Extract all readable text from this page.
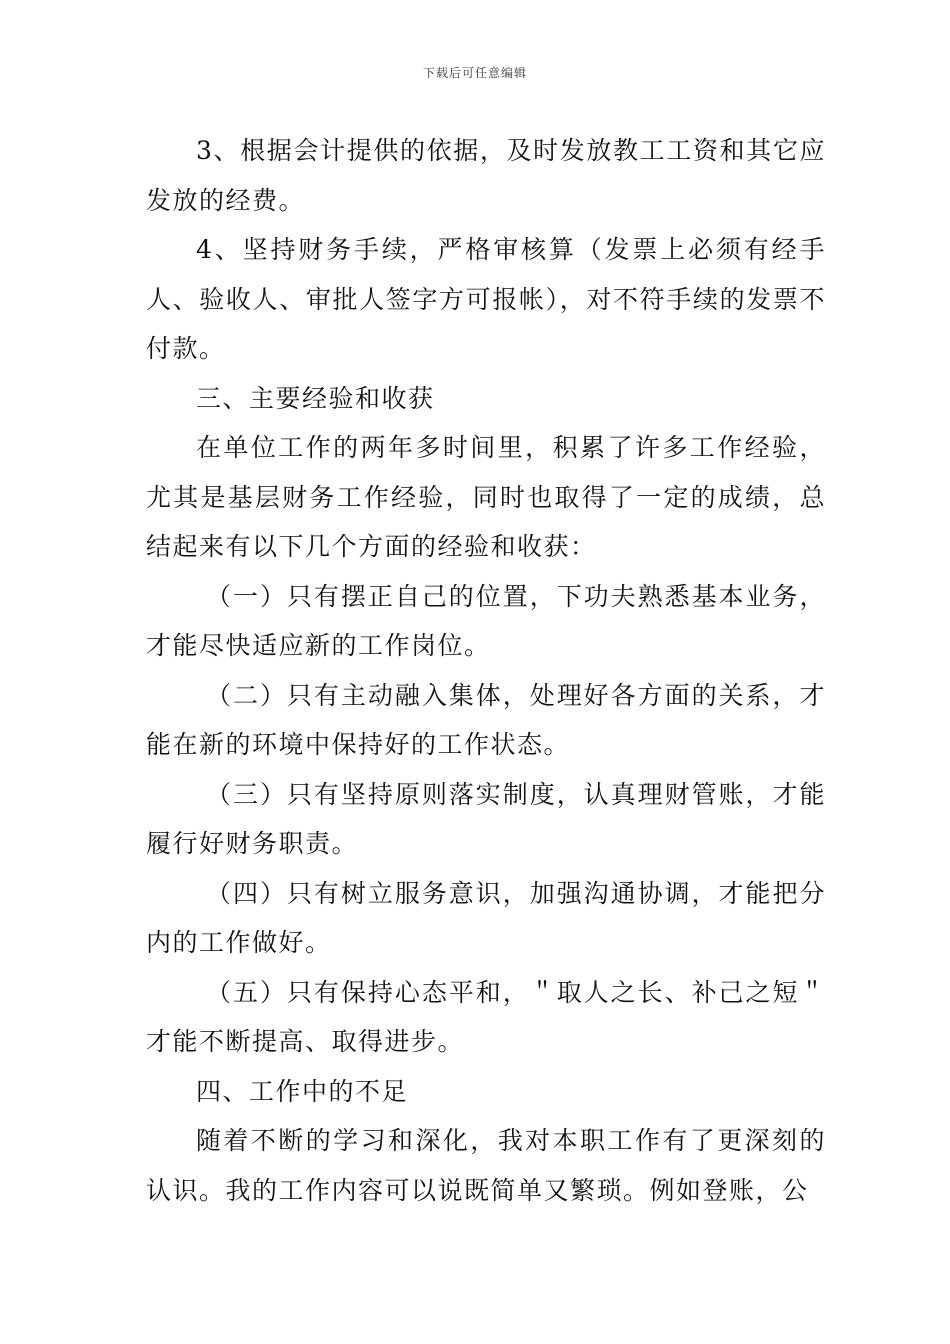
下载后可任意编辑

3、根据会计提供的依据，及时发放教工工资和其它应发放的经费。

4、坚持财务手续，严格审核算（发票上必须有经手人、验收人、审批人签字方可报帐），对不符手续的发票不付款。

三、主要经验和收获

在单位工作的两年多时间里，积累了许多工作经验，尤其是基层财务工作经验，同时也取得了一定的成绩，总结起来有以下几个方面的经验和收获：

（一）只有摆正自己的位置，下功夫熟悉基本业务，才能尽快适应新的工作岗位。

（二）只有主动融入集体，处理好各方面的关系，才能在新的环境中保持好的工作状态。

（三）只有坚持原则落实制度，认真理财管账，才能履行好财务职责。

（四）只有树立服务意识，加强沟通协调，才能把分内的工作做好。

（五）只有保持心态平和，＂取人之长、补己之短＂才能不断提高、取得进步。

四、工作中的不足

随着不断的学习和深化，我对本职工作有了更深刻的认识。我的工作内容可以说既简单又繁琐。例如登账，公
